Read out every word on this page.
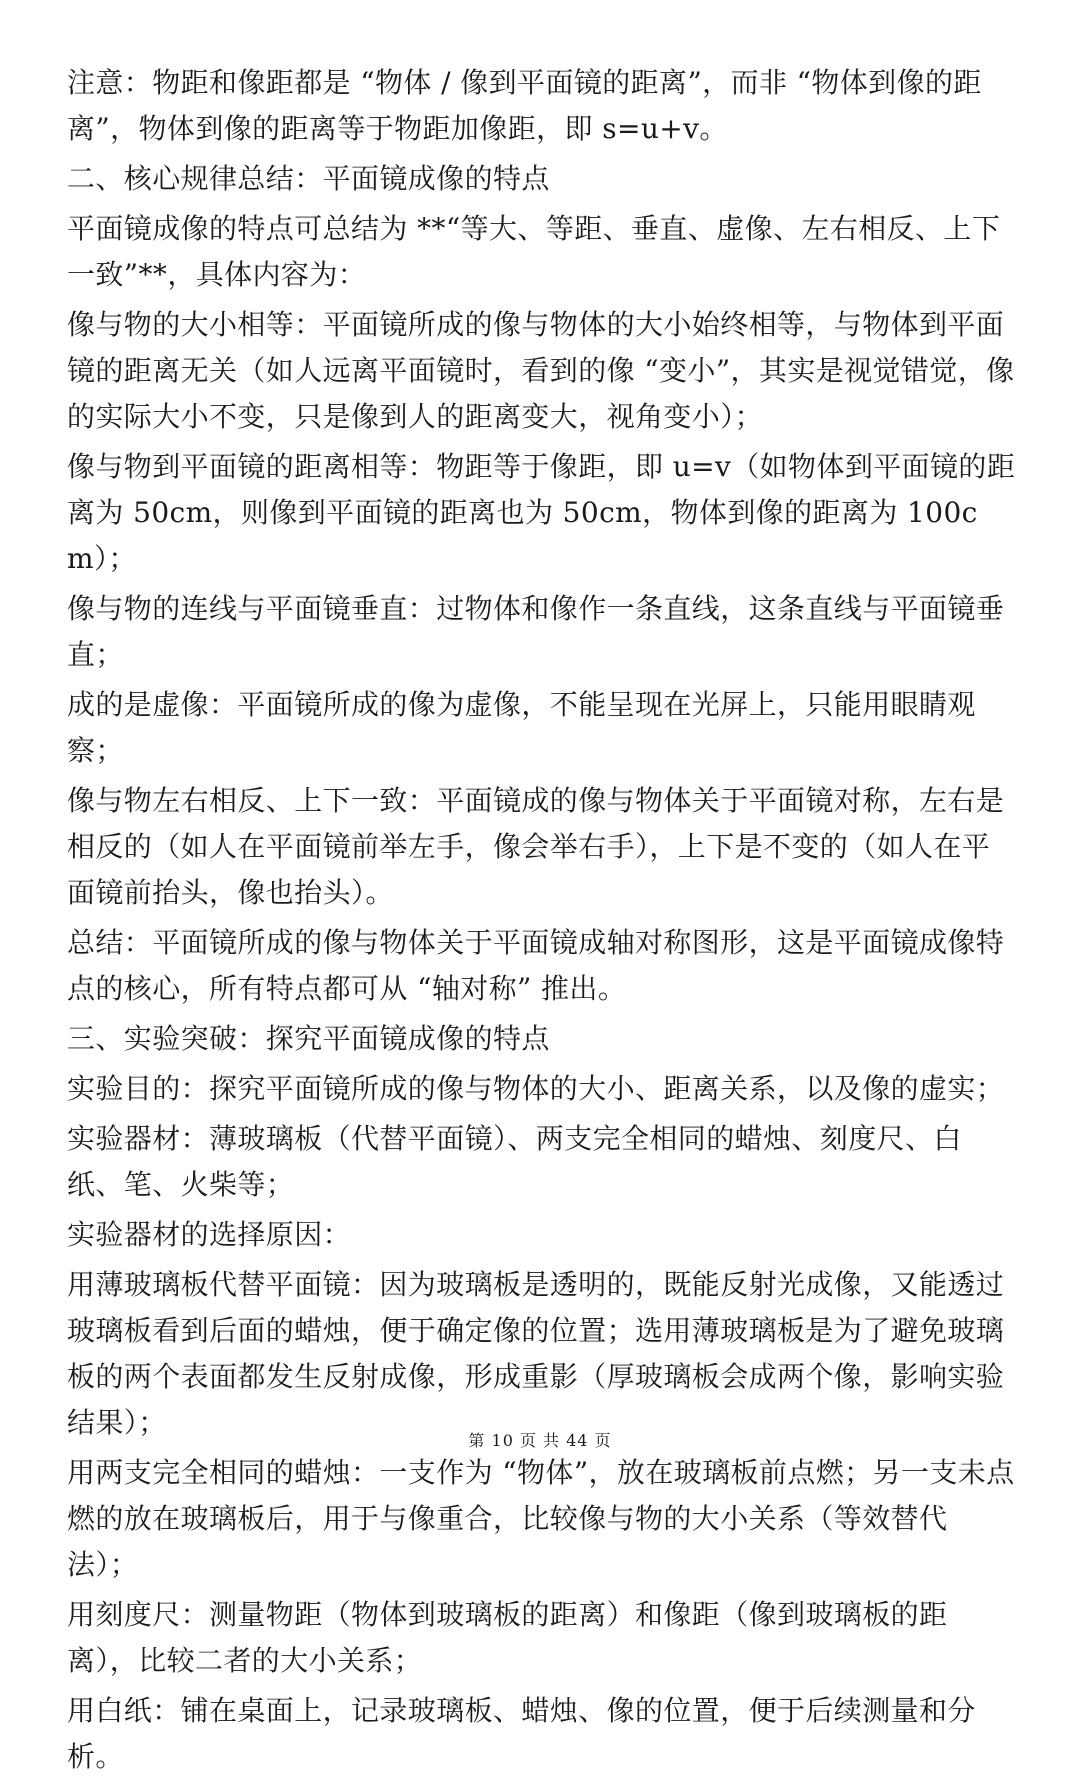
注意：物距和像距都是 “物体 / 像到平面镜的距离”，而非 “物体到像的距离”，物体到像的距离等于物距加像距，即 s=u+v。

二、核心规律总结：平面镜成像的特点

平面镜成像的特点可总结为 **“等大、等距、垂直、虚像、左右相反、上下一致”**，具体内容为：

像与物的大小相等：平面镜所成的像与物体的大小始终相等，与物体到平面镜的距离无关（如人远离平面镜时，看到的像 “变小”，其实是视觉错觉，像的实际大小不变，只是像到人的距离变大，视角变小）；

像与物到平面镜的距离相等：物距等于像距，即 u=v（如物体到平面镜的距离为 50cm，则像到平面镜的距离也为 50cm，物体到像的距离为 100cm）；

像与物的连线与平面镜垂直：过物体和像作一条直线，这条直线与平面镜垂直；

成的是虚像：平面镜所成的像为虚像，不能呈现在光屏上，只能用眼睛观察；

像与物左右相反、上下一致：平面镜成的像与物体关于平面镜对称，左右是相反的（如人在平面镜前举左手，像会举右手），上下是不变的（如人在平面镜前抬头，像也抬头）。

总结：平面镜所成的像与物体关于平面镜成轴对称图形，这是平面镜成像特点的核心，所有特点都可从 “轴对称” 推出。

三、实验突破：探究平面镜成像的特点

实验目的：探究平面镜所成的像与物体的大小、距离关系，以及像的虚实；

实验器材：薄玻璃板（代替平面镜）、两支完全相同的蜡烛、刻度尺、白纸、笔、火柴等；

实验器材的选择原因：

用薄玻璃板代替平面镜：因为玻璃板是透明的，既能反射光成像，又能透过玻璃板看到后面的蜡烛，便于确定像的位置；选用薄玻璃板是为了避免玻璃板的两个表面都发生反射成像，形成重影（厚玻璃板会成两个像，影响实验结果）；

用两支完全相同的蜡烛：一支作为 “物体”，放在玻璃板前点燃；另一支未点燃的放在玻璃板后，用于与像重合，比较像与物的大小关系（等效替代法）；

用刻度尺：测量物距（物体到玻璃板的距离）和像距（像到玻璃板的距离），比较二者的大小关系；

用白纸：铺在桌面上，记录玻璃板、蜡烛、像的位置，便于后续测量和分析。

第 10 页 共 44 页
